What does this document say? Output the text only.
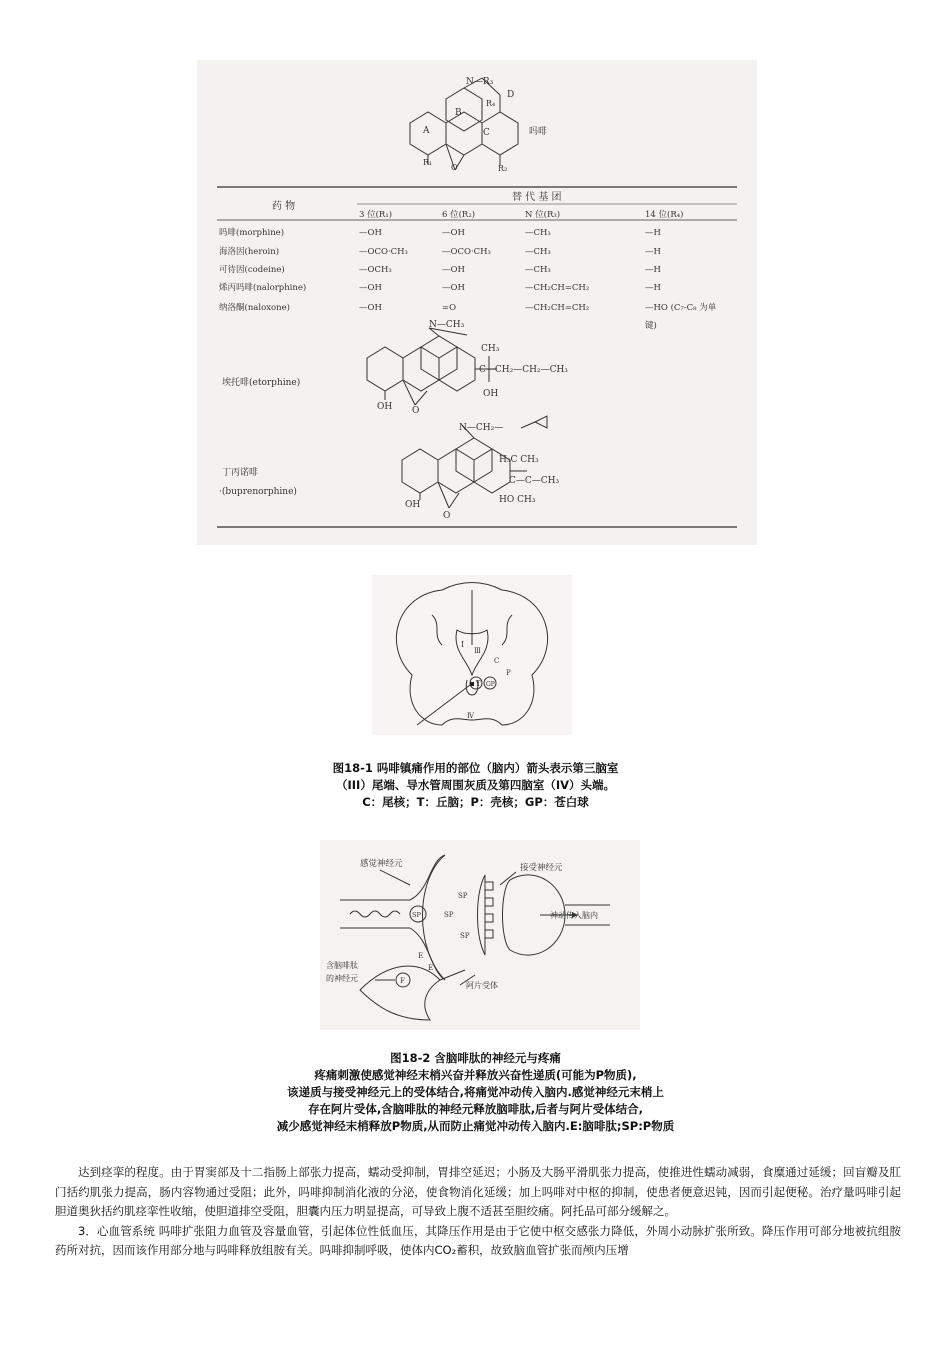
N—R₃
D
R₄
A
B
C
R₁
O	R₂
吗啡
药 物
替 代 基 团
3 位(R₁)	6 位(R₂)	N 位(R₃)	14 位(R₄)
吗啡(morphine)	—OH	—OH	—CH₃	—H
海洛因(heroin)	—OCO·CH₃	—OCO·CH₃	—CH₃	—H
可待因(codeine)	—OCH₃	—OH	—CH₃	—H
烯丙吗啡(nalorphine)	—OH	—OH	—CH₂CH=CH₂	—H
纳洛酮(naloxone)	—OH	=O	—CH₂CH=CH₂	—HO (C₇-C₈ 为单
键)
N—CH₃
CH₃
C—CH₂—CH₂—CH₃
OH
OH O
埃托啡(etorphine)
N—CH₂—
H₃C CH₃
C—C—CH₃
HO CH₃
OH
O
丁丙诺啡
·(buprenorphine)
I
Ⅲ
C
T
P
GP
Ⅳ
图18-1 吗啡镇痛作用的部位（脑内）箭头表示第三脑室
（III）尾端、导水管周围灰质及第四脑室（IV）头端。
C：尾核；T：丘脑；P：壳核；GP：苍白球
感觉神经元	接受神经元
神动传入脑内
SP
SP
SP
SP
E
E
F
含脑啡肽
的神经元
阿片受体
图18-2 含脑啡肽的神经元与疼痛
疼痛刺激使感觉神经末梢兴奋并释放兴奋性递质(可能为P物质),
该递质与接受神经元上的受体结合,将痛觉冲动传入脑内.感觉神经元末梢上
存在阿片受体,含脑啡肽的神经元释放脑啡肽,后者与阿片受体结合,
减少感觉神经末梢释放P物质,从而防止痛觉冲动传入脑内.E:脑啡肽;SP:P物质

达到痉挛的程度。由于胃窦部及十二指肠上部张力提高，蠕动受抑制，胃排空延迟；小肠及大肠平滑肌张力提高，使推进性蠕动减弱，食糜通过延缓；回盲瓣及肛门括约肌张力提高，肠内容物通过受阻；此外，吗啡抑制消化液的分泌，使食物消化延缓；加上吗啡对中枢的抑制，使患者便意迟钝，因而引起便秘。治疗量吗啡引起胆道奥狄括约肌痉挛性收缩，使胆道排空受阻，胆囊内压力明显提高，可导致上腹不适甚至胆绞痛。阿托品可部分缓解之。

3．心血管系统 吗啡扩张阻力血管及容量血管，引起体位性低血压，其降压作用是由于它使中枢交感张力降低，外周小动脉扩张所致。降压作用可部分地被抗组胺药所对抗，因而该作用部分地与吗啡释放组胺有关。吗啡抑制呼吸，使体内CO₂蓄积，故致脑血管扩张而颅内压增
